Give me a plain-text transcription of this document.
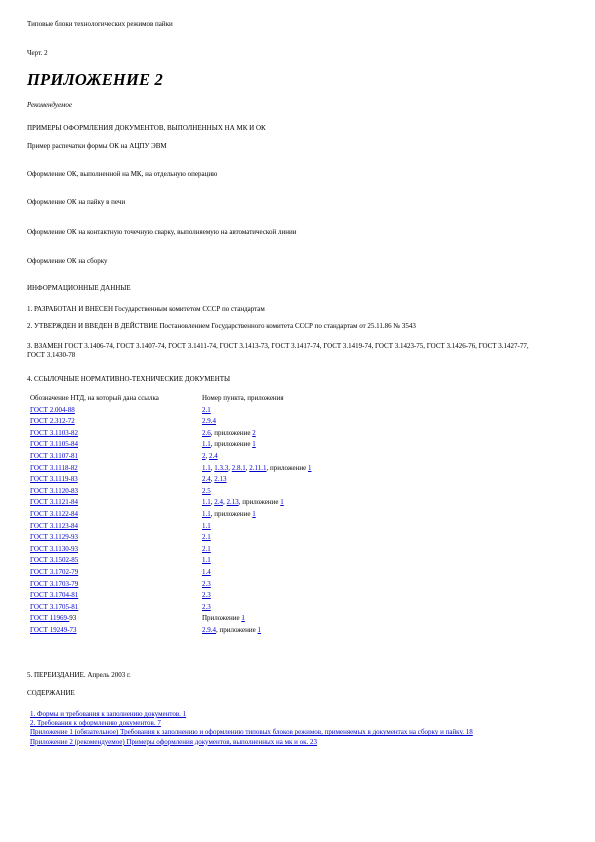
Типовые блоки технологических режимов пайки
Черт. 2
ПРИЛОЖЕНИЕ 2
Рекомендуемое
ПРИМЕРЫ ОФОРМЛЕНИЯ ДОКУМЕНТОВ, ВЫПОЛНЕННЫХ НА МК И ОК
Пример распечатки формы ОК на АЦПУ ЭВМ
Оформление ОК, выполненной на МК, на отдельную операцию
Оформление ОК на пайку в печи
Оформление ОК на контактную точечную сварку, выполняемую на автоматической линии
Оформление ОК на сборку
ИНФОРМАЦИОННЫЕ ДАННЫЕ
1. РАЗРАБОТАН И ВНЕСЕН Государственным комитетом СССР по стандартам
2. УТВЕРЖДЕН И ВВЕДЕН В ДЕЙСТВИЕ Постановлением Государственного комитета СССР по стандартам от 25.11.86 № 3543
3. ВЗАМЕН ГОСТ 3.1406-74, ГОСТ 3.1407-74, ГОСТ 3.1411-74, ГОСТ 3.1413-73, ГОСТ 3.1417-74, ГОСТ 3.1419-74, ГОСТ 3.1423-75, ГОСТ 3.1426-76, ГОСТ 3.1427-77, ГОСТ 3.1430-78
4. ССЫЛОЧНЫЕ НОРМАТИВНО-ТЕХНИЧЕСКИЕ ДОКУМЕНТЫ
Обозначение НТД, на который дана ссылка	Номер пункта, приложения
ГОСТ 2.004-88	2.1
ГОСТ 2.312-72	2.9.4
ГОСТ 3.1103-82	2.6, приложение 2
ГОСТ 3.1105-84	1.1, приложение 1
ГОСТ 3.1107-81	2, 2.4
ГОСТ 3.1118-82	1.1, 1.3.3, 2.8.1, 2.11.1, приложение 1
ГОСТ 3.1119-83	2.4, 2.13
ГОСТ 3.1120-83	2.5
ГОСТ 3.1121-84	1.1, 2.4, 2.13, приложение 1
ГОСТ 3.1122-84	1.1, приложение 1
ГОСТ 3.1123-84	1.1
ГОСТ 3.1129-93	2.1
ГОСТ 3.1130-93	2.1
ГОСТ 3.1502-85	1.1
ГОСТ 3.1702-79	1.4
ГОСТ 3.1703-79	2.3
ГОСТ 3.1704-81	2.3
ГОСТ 3.1705-81	2.3
ГОСТ 11969-93	Приложение 1
ГОСТ 19249-73	2.9.4, приложение 1
5. ПЕРЕИЗДАНИЕ. Апрель 2003 г.
СОДЕРЖАНИЕ
1. Формы и требования к заполнению документов. 1
2. Требования к оформлению документов. 7
Приложение 1 (обязательное) Требования к заполнению и оформлению типовых блоков режимов, применяемых в документах на сборку и пайку. 18
Приложение 2 (рекомендуемое) Примеры оформления документов, выполненных на мк и ок. 23
